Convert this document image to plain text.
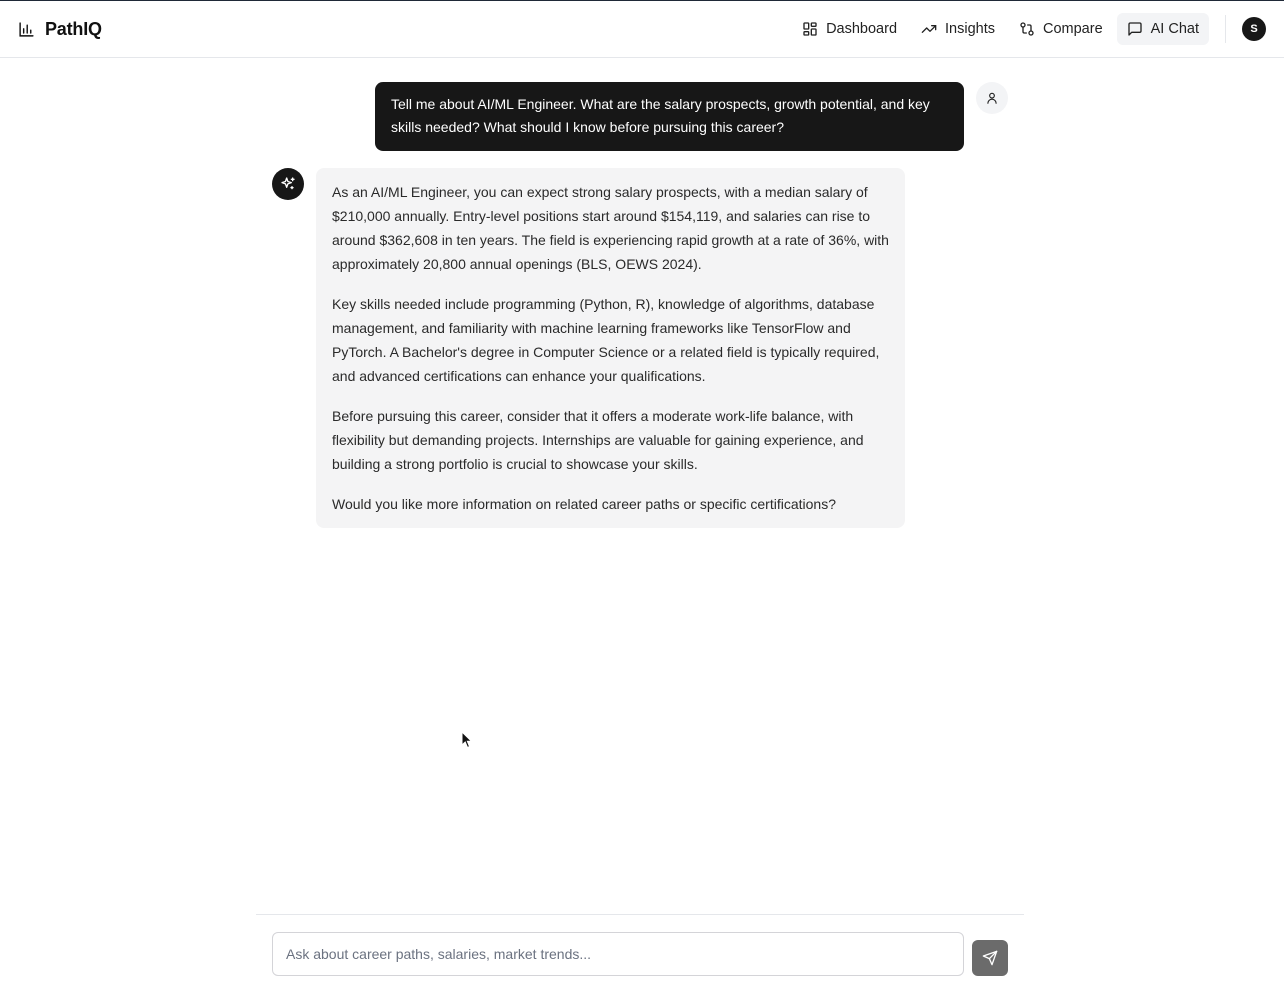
PathIQ	Dashboard	Insights	Compare	AI Chat	S
Tell me about AI/ML Engineer. What are the salary prospects, growth potential, and key skills needed? What should I know before pursuing this career?

As an AI/ML Engineer, you can expect strong salary prospects, with a median salary of $210,000 annually. Entry-level positions start around $154,119, and salaries can rise to around $362,608 in ten years. The field is experiencing rapid growth at a rate of 36%, with approximately 20,800 annual openings (BLS, OEWS 2024).

Key skills needed include programming (Python, R), knowledge of algorithms, database management, and familiarity with machine learning frameworks like TensorFlow and PyTorch. A Bachelor's degree in Computer Science or a related field is typically required, and advanced certifications can enhance your qualifications.

Before pursuing this career, consider that it offers a moderate work-life balance, with flexibility but demanding projects. Internships are valuable for gaining experience, and building a strong portfolio is crucial to showcase your skills.

Would you like more information on related career paths or specific certifications?

Ask about career paths, salaries, market trends...
